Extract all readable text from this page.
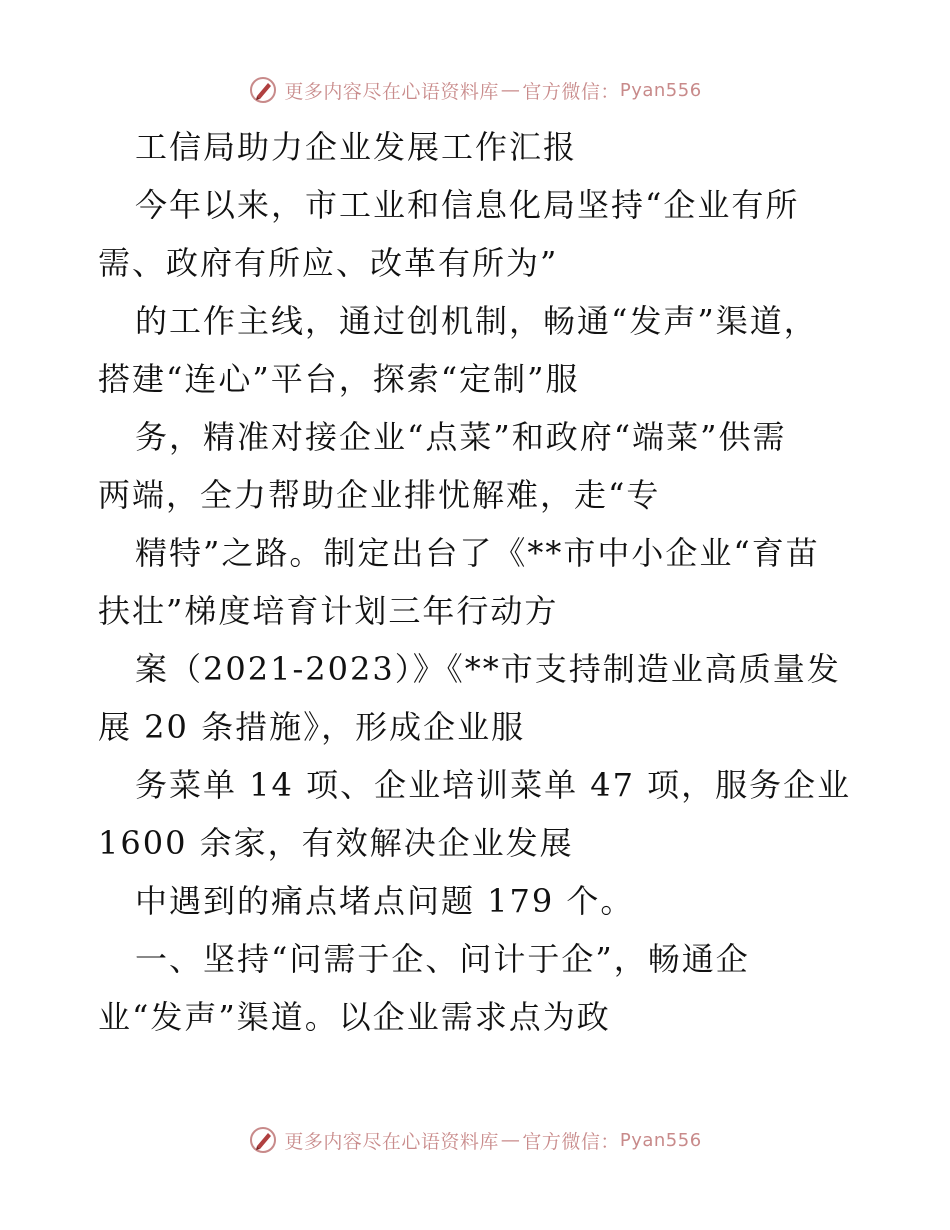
更多内容尽在心语资料库 — 官方微信： Pyan556
工信局助力企业发展工作汇报
今年以来，市工业和信息化局坚持“企业有所
需、政府有所应、改革有所为”
的工作主线，通过创机制，畅通“发声”渠道，
搭建“连心”平台，探索“定制”服
务，精准对接企业“点菜”和政府“端菜”供需
两端，全力帮助企业排忧解难，走“专
精特”之路。制定出台了《**市中小企业“育苗
扶壮”梯度培育计划三年行动方
案（2021-2023）》《**市支持制造业高质量发
展 20 条措施》，形成企业服
务菜单 14 项、企业培训菜单 47 项，服务企业
1600 余家，有效解决企业发展
中遇到的痛点堵点问题 179 个。
一、坚持“问需于企、问计于企”，畅通企
业“发声”渠道。以企业需求点为政
更多内容尽在心语资料库 — 官方微信： Pyan556
